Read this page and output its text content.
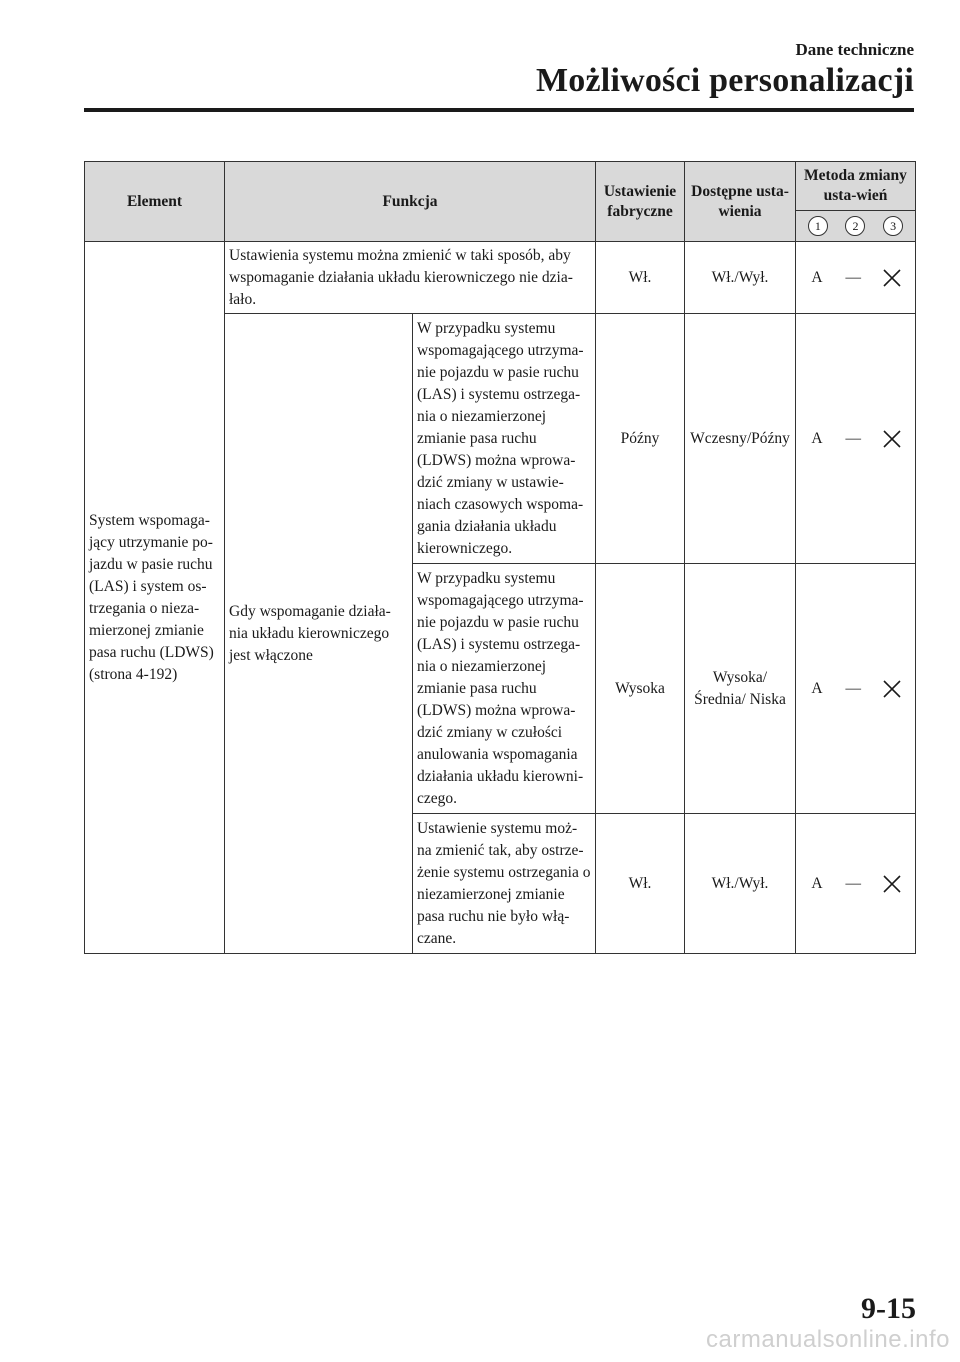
Dane techniczne
Możliwości personalizacji
Element	Funkcja		Ustawienie fabryczne	Dostępne usta-wienia	Metoda zmiany usta-wień

1 2 3

System wspomaga-jący utrzymanie po-jazdu w pasie ruchu (LAS) i system os-trzegania o nieza-mierzonej zmianie pasa ruchu (LDWS) (strona 4-192)	Ustawienia systemu można zmienić w taki sposób, aby wspomaganie działania układu kierowniczego nie dzia-łało.		Wł.	Wł./Wył.	A ―

	Gdy wspomaganie działa-nia układu kierowniczego jest włączone	W przypadku systemu wspomagającego utrzyma-nie pojazdu w pasie ruchu (LAS) i systemu ostrzega-nia o niezamierzonej zmianie pasa ruchu (LDWS) można wprowa-dzić zmiany w ustawie-niach czasowych wspoma-gania działania układu kierowniczego.	Późny	Wczesny/Późny	A ―

		W przypadku systemu wspomagającego utrzyma-nie pojazdu w pasie ruchu (LAS) i systemu ostrzega-nia o niezamierzonej zmianie pasa ruchu (LDWS) można wprowa-dzić zmiany w czułości anulowania wspomagania działania układu kierowni-czego.	Wysoka	Wysoka/Średnia/ Niska	A ―

		Ustawienie systemu moż-na zmienić tak, aby ostrze-żenie systemu ostrzegania o niezamierzonej zmianie pasa ruchu nie było włą-czane.	Wł.	Wł./Wył.	A ―
9-15
carmanualsonline.info
